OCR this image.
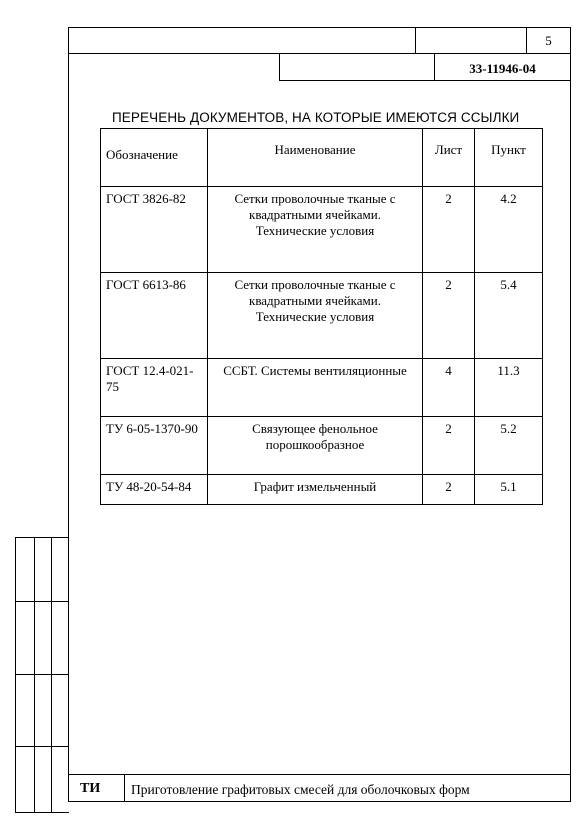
5
33-11946-04
ПЕРЕЧЕНЬ ДОКУМЕНТОВ, НА КОТОРЫЕ ИМЕЮТСЯ ССЫЛКИ
Обозначение	Наименование	Лист	Пункт
ГОСТ 3826-82	Сетки проволочные тканые с квадратными ячейками. Технические условия	2	4.2
ГОСТ 6613-86	Сетки проволочные тканые с квадратными ячейками. Технические условия	2	5.4
ГОСТ 12.4-021-75	ССБТ. Системы вентиляционные	4	11.3
ТУ 6-05-1370-90	Связующее фенольное порошкообразное	2	5.2
ТУ 48-20-54-84	Графит измельченный	2	5.1
ТИ Приготовление графитовых смесей для оболочковых форм
